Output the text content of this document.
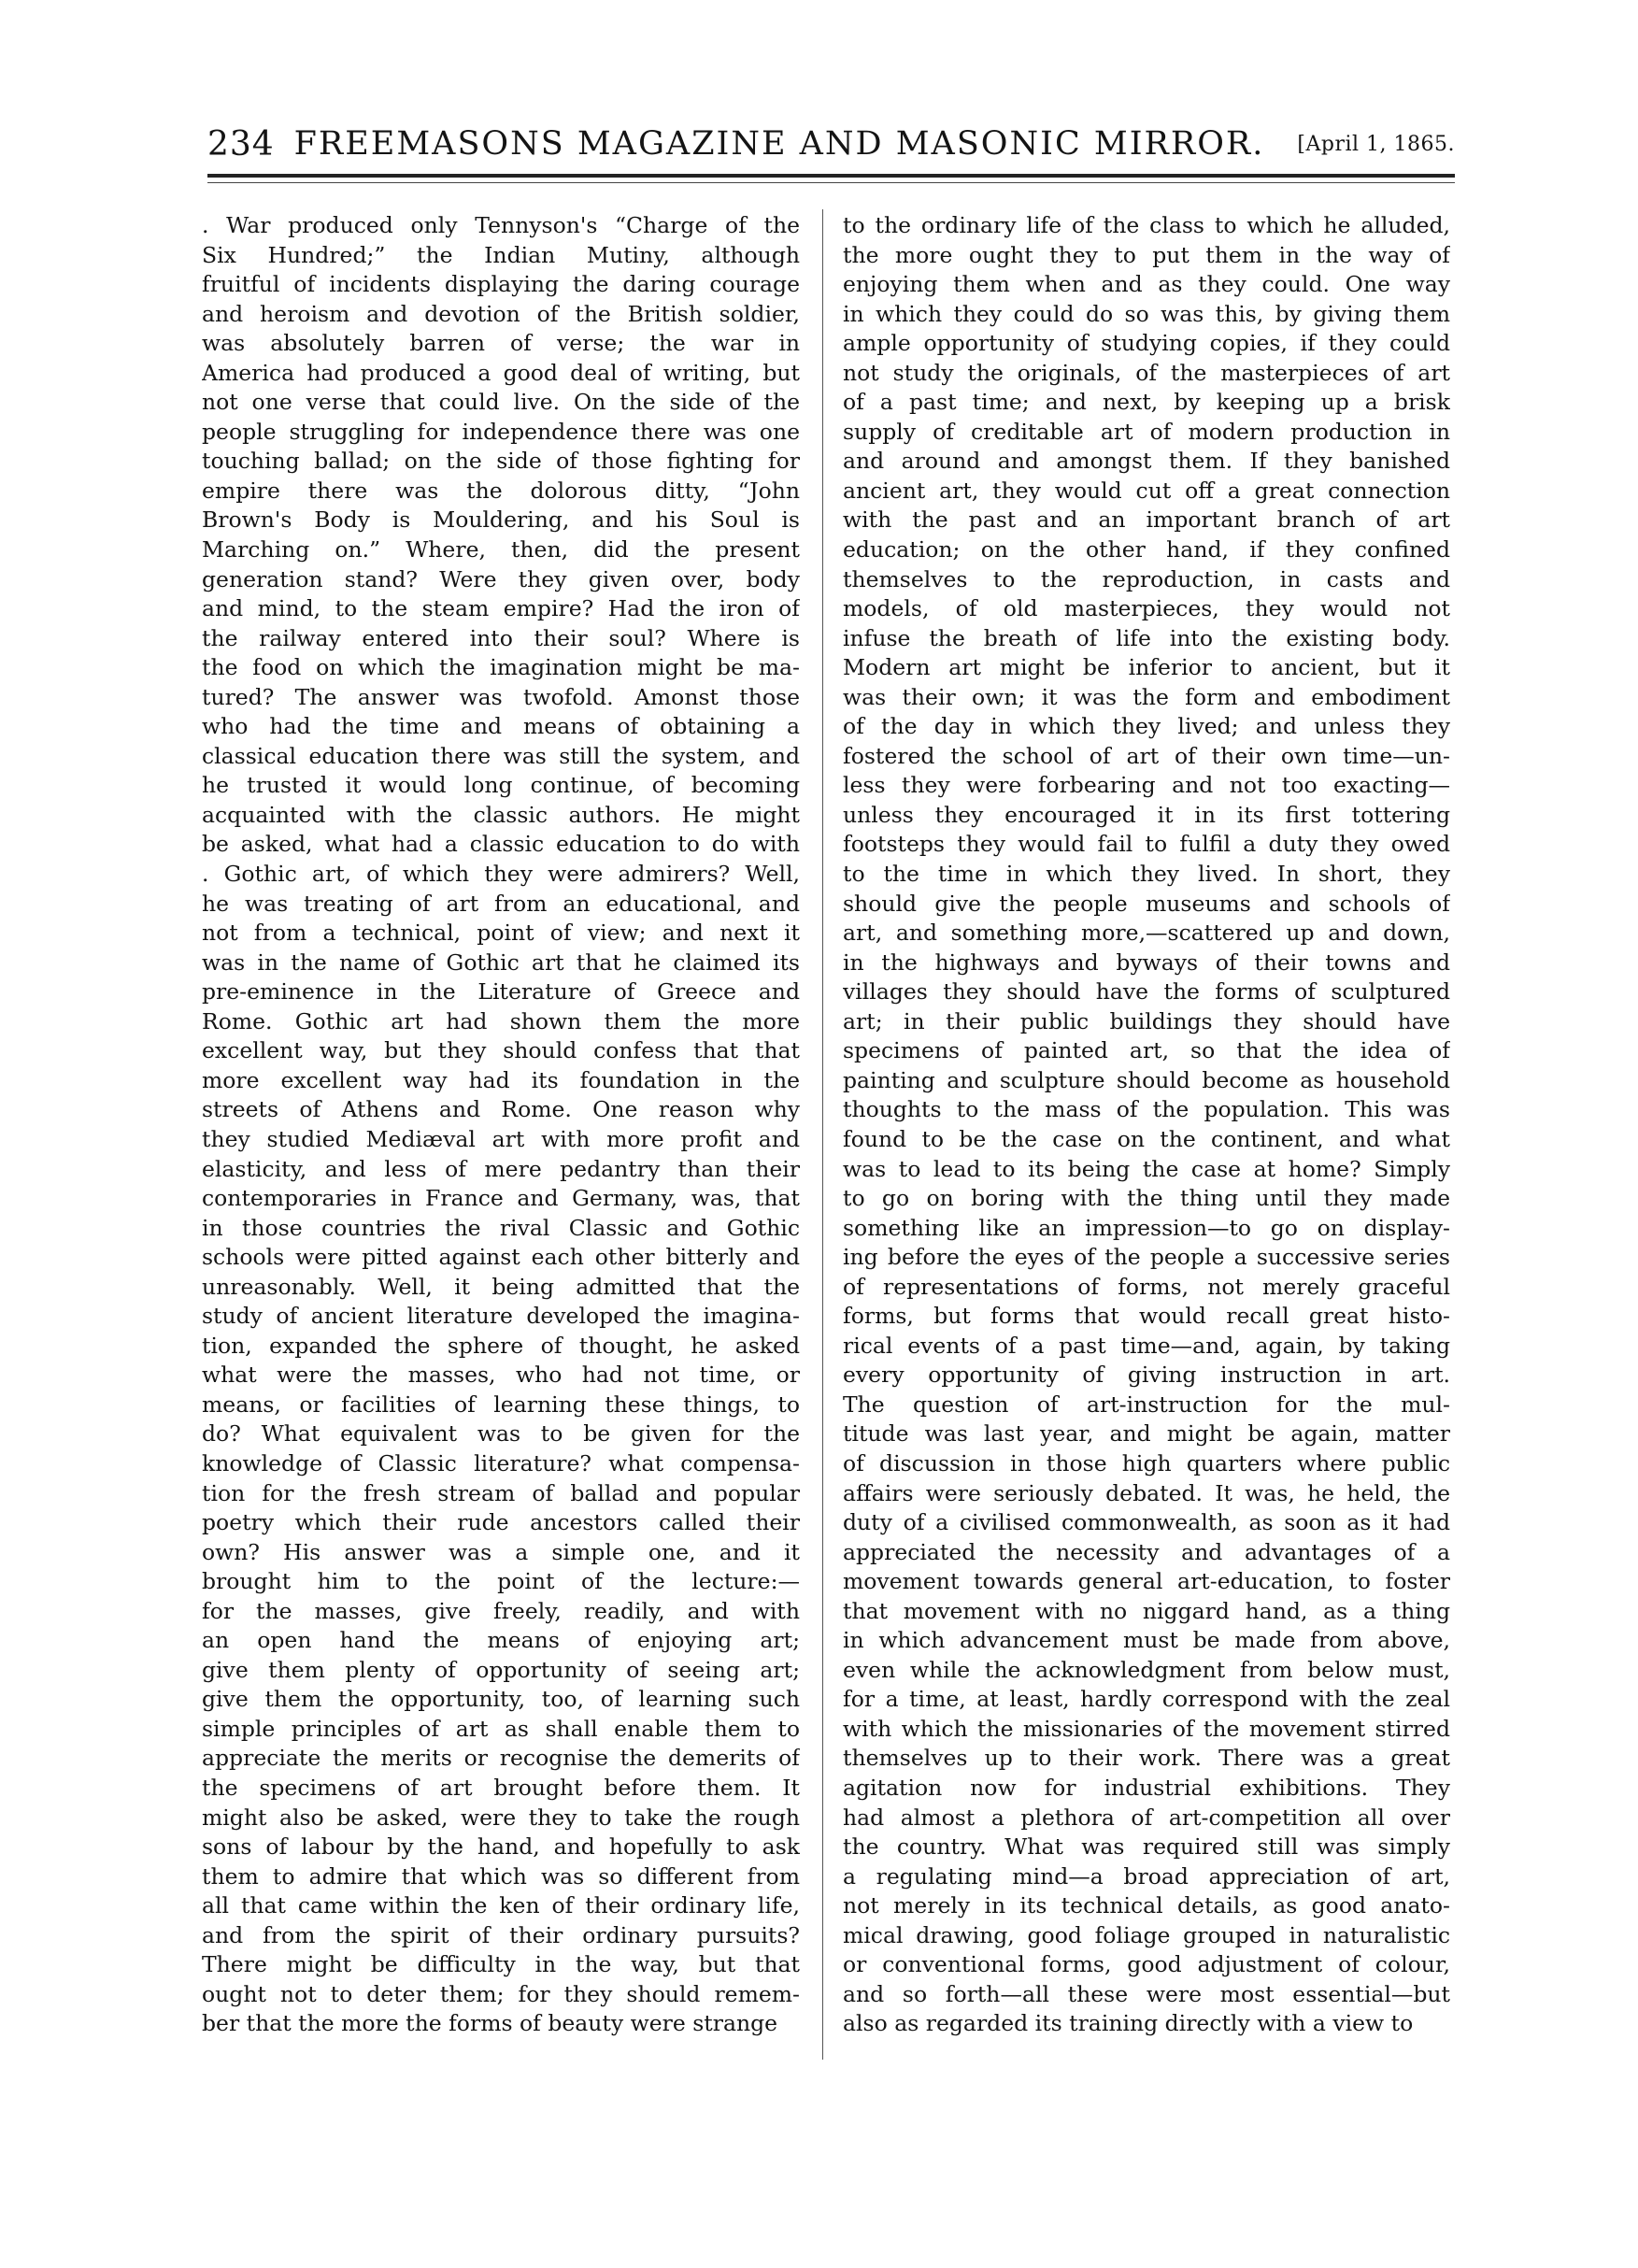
234 FREEMASONS MAGAZINE AND MASONIC MIRROR.	[April 1, 1865.
. War produced only Tennyson's “Charge of the
Six Hundred;” the Indian Mutiny, although
fruitful of incidents displaying the daring courage
and heroism and devotion of the British soldier,
was absolutely barren of verse; the war in
America had produced a good deal of writing, but
not one verse that could live. On the side of the
people struggling for independence there was one
touching ballad; on the side of those fighting for
empire there was the dolorous ditty, “John
Brown's Body is Mouldering, and his Soul is
Marching on.” Where, then, did the present
generation stand? Were they given over, body
and mind, to the steam empire? Had the iron of
the railway entered into their soul? Where is
the food on which the imagination might be ma-
tured? The answer was twofold. Amonst those
who had the time and means of obtaining a
classical education there was still the system, and
he trusted it would long continue, of becoming
acquainted with the classic authors. He might
be asked, what had a classic education to do with
. Gothic art, of which they were admirers? Well,
he was treating of art from an educational, and
not from a technical, point of view; and next it
was in the name of Gothic art that he claimed its
pre-eminence in the Literature of Greece and
Rome. Gothic art had shown them the more
excellent way, but they should confess that that
more excellent way had its foundation in the
streets of Athens and Rome. One reason why
they studied Mediæval art with more profit and
elasticity, and less of mere pedantry than their
contemporaries in France and Germany, was, that
in those countries the rival Classic and Gothic
schools were pitted against each other bitterly and
unreasonably. Well, it being admitted that the
study of ancient literature developed the imagina-
tion, expanded the sphere of thought, he asked
what were the masses, who had not time, or
means, or facilities of learning these things, to
do? What equivalent was to be given for the
knowledge of Classic literature? what compensa-
tion for the fresh stream of ballad and popular
poetry which their rude ancestors called their
own? His answer was a simple one, and it
brought him to the point of the lecture:—
for the masses, give freely, readily, and with
an open hand the means of enjoying art;
give them plenty of opportunity of seeing art;
give them the opportunity, too, of learning such
simple principles of art as shall enable them to
appreciate the merits or recognise the demerits of
the specimens of art brought before them. It
might also be asked, were they to take the rough
sons of labour by the hand, and hopefully to ask
them to admire that which was so different from
all that came within the ken of their ordinary life,
and from the spirit of their ordinary pursuits?
There might be difficulty in the way, but that
ought not to deter them; for they should remem-
ber that the more the forms of beauty were strange
to the ordinary life of the class to which he alluded,
the more ought they to put them in the way of
enjoying them when and as they could. One way
in which they could do so was this, by giving them
ample opportunity of studying copies, if they could
not study the originals, of the masterpieces of art
of a past time; and next, by keeping up a brisk
supply of creditable art of modern production in
and around and amongst them. If they banished
ancient art, they would cut off a great connection
with the past and an important branch of art
education; on the other hand, if they confined
themselves to the reproduction, in casts and
models, of old masterpieces, they would not
infuse the breath of life into the existing body.
Modern art might be inferior to ancient, but it
was their own; it was the form and embodiment
of the day in which they lived; and unless they
fostered the school of art of their own time—un-
less they were forbearing and not too exacting—
unless they encouraged it in its first tottering
footsteps they would fail to fulfil a duty they owed
to the time in which they lived. In short, they
should give the people museums and schools of
art, and something more,—scattered up and down,
in the highways and byways of their towns and
villages they should have the forms of sculptured
art; in their public buildings they should have
specimens of painted art, so that the idea of
painting and sculpture should become as household
thoughts to the mass of the population. This was
found to be the case on the continent, and what
was to lead to its being the case at home? Simply
to go on boring with the thing until they made
something like an impression—to go on display-
ing before the eyes of the people a successive series
of representations of forms, not merely graceful
forms, but forms that would recall great histo-
rical events of a past time—and, again, by taking
every opportunity of giving instruction in art.
The question of art-instruction for the mul-
titude was last year, and might be again, matter
of discussion in those high quarters where public
affairs were seriously debated. It was, he held, the
duty of a civilised commonwealth, as soon as it had
appreciated the necessity and advantages of a
movement towards general art-education, to foster
that movement with no niggard hand, as a thing
in which advancement must be made from above,
even while the acknowledgment from below must,
for a time, at least, hardly correspond with the zeal
with which the missionaries of the movement stirred
themselves up to their work. There was a great
agitation now for industrial exhibitions. They
had almost a plethora of art-competition all over
the country. What was required still was simply
a regulating mind—a broad appreciation of art,
not merely in its technical details, as good anato-
mical drawing, good foliage grouped in naturalistic
or conventional forms, good adjustment of colour,
and so forth—all these were most essential—but
also as regarded its training directly with a view to
